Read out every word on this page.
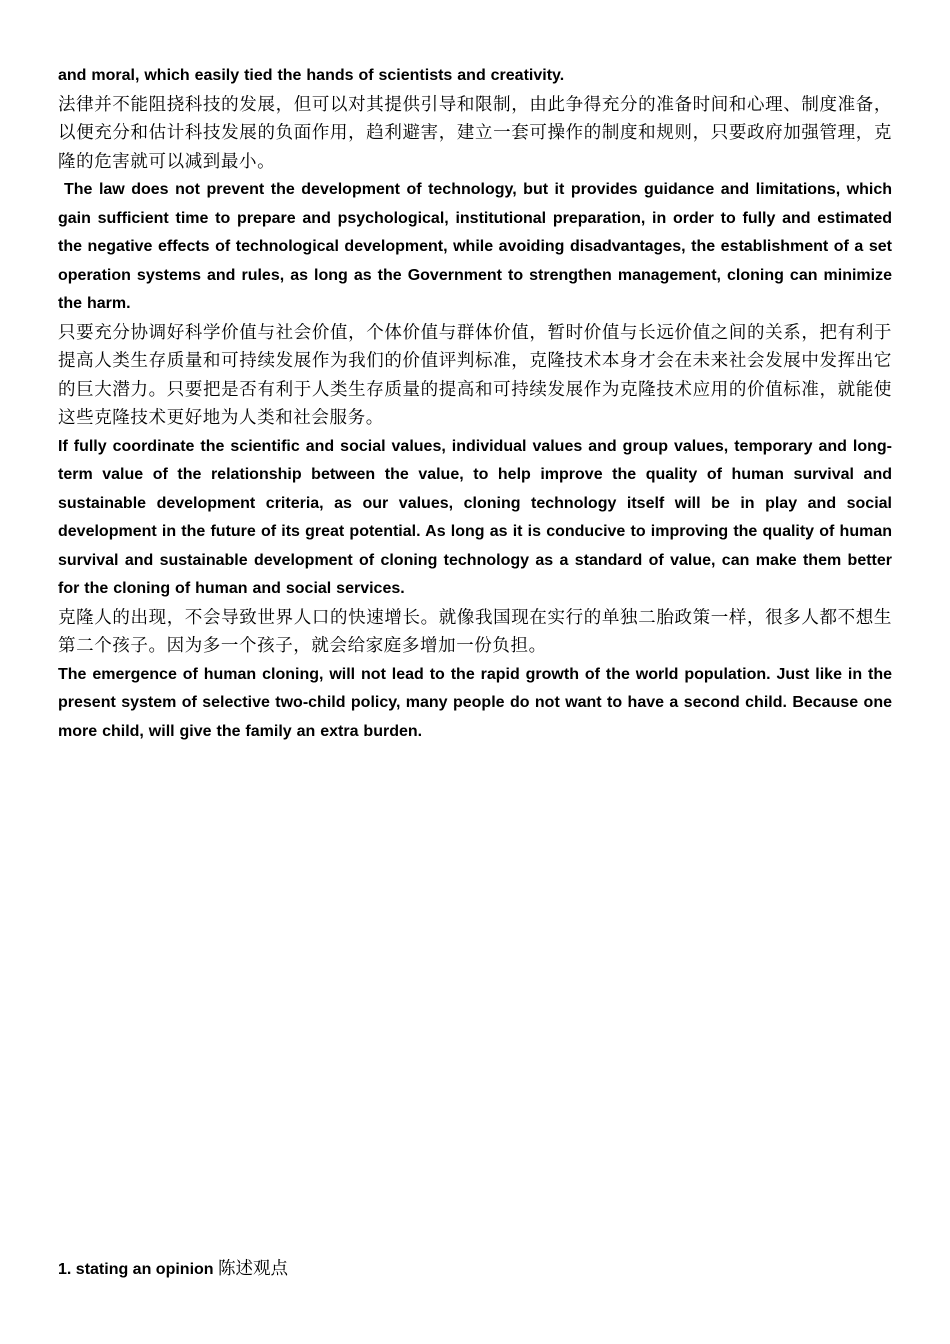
and moral, which easily tied the hands of scientists and creativity.

法律并不能阻挠科技的发展，但可以对其提供引导和限制，由此争得充分的准备时间和心理、制度准备，以便充分和估计科技发展的负面作用，趋利避害，建立一套可操作的制度和规则，只要政府加强管理，克隆的危害就可以减到最小。

The law does not prevent the development of technology, but it provides guidance and limitations, which gain sufficient time to prepare and psychological, institutional preparation, in order to fully and estimated the negative effects of technological development, while avoiding disadvantages, the establishment of a set operation systems and rules, as long as the Government to strengthen management, cloning can minimize the harm.

只要充分协调好科学价值与社会价值，个体价值与群体价值，暂时价值与长远价值之间的关系，把有利于提高人类生存质量和可持续发展作为我们的价值评判标准，克隆技术本身才会在未来社会发展中发挥出它的巨大潜力。只要把是否有利于人类生存质量的提高和可持续发展作为克隆技术应用的价值标准，就能使这些克隆技术更好地为人类和社会服务。

If fully coordinate the scientific and social values, individual values and group values, temporary and long-term value of the relationship between the value, to help improve the quality of human survival and sustainable development criteria, as our values, cloning technology itself will be in play and social development in the future of its great potential. As long as it is conducive to improving the quality of human survival and sustainable development of cloning technology as a standard of value, can make them better for the cloning of human and social services.

克隆人的出现，不会导致世界人口的快速增长。就像我国现在实行的单独二胎政策一样，很多人都不想生第二个孩子。因为多一个孩子，就会给家庭多增加一份负担。

The emergence of human cloning, will not lead to the rapid growth of the world population. Just like in the present system of selective two-child policy, many people do not want to have a second child. Because one more child, will give the family an extra burden.

1. stating an opinion 陈述观点
